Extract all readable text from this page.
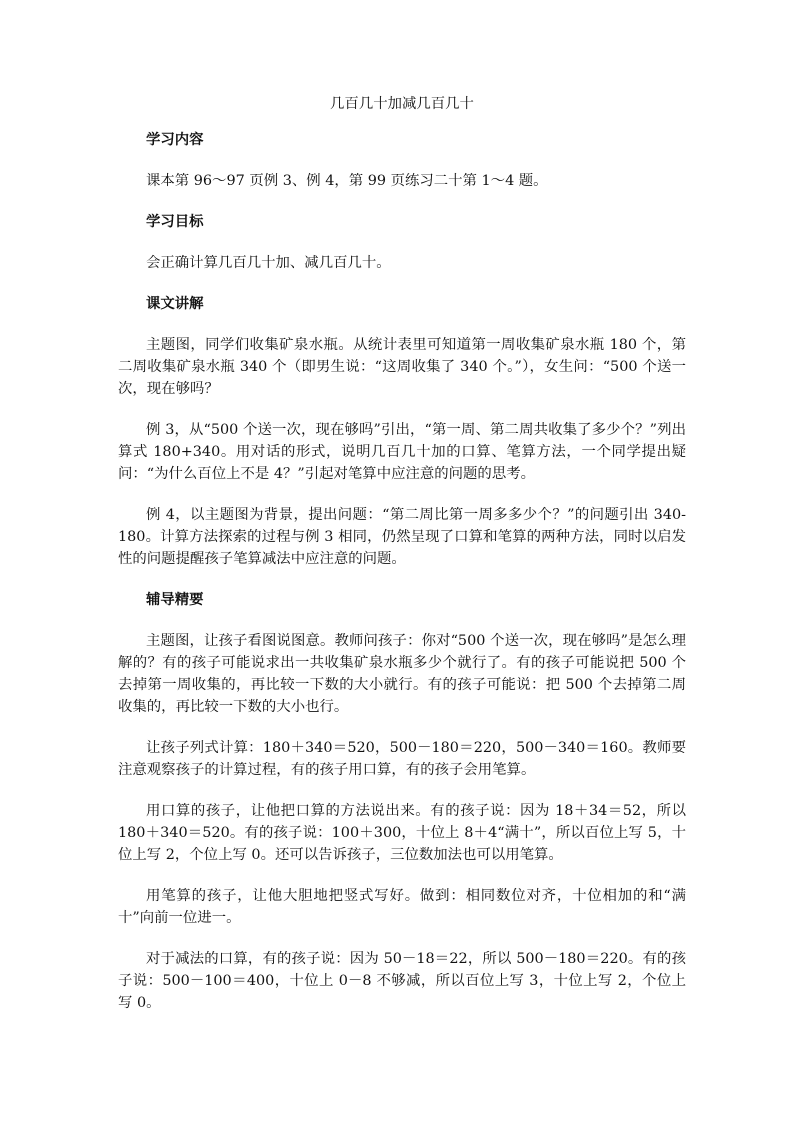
几百几十加减几百几十
学习内容
课本第 96～97 页例 3、例 4，第 99 页练习二十第 1～4 题。
学习目标
会正确计算几百几十加、减几百几十。
课文讲解
主题图，同学们收集矿泉水瓶。从统计表里可知道第一周收集矿泉水瓶 180 个，第二周收集矿泉水瓶 340 个（即男生说：“这周收集了 340 个。”），女生问：“500 个送一次，现在够吗？
例 3，从“500 个送一次，现在够吗”引出，“第一周、第二周共收集了多少个？”列出算式 180+340。用对话的形式，说明几百几十加的口算、笔算方法，一个同学提出疑问：“为什么百位上不是 4？”引起对笔算中应注意的问题的思考。
例 4，以主题图为背景，提出问题：“第二周比第一周多多少个？”的问题引出 340-180。计算方法探索的过程与例 3 相同，仍然呈现了口算和笔算的两种方法，同时以启发性的问题提醒孩子笔算减法中应注意的问题。
辅导精要
主题图，让孩子看图说图意。教师问孩子：你对“500 个送一次，现在够吗”是怎么理解的？有的孩子可能说求出一共收集矿泉水瓶多少个就行了。有的孩子可能说把 500 个去掉第一周收集的，再比较一下数的大小就行。有的孩子可能说：把 500 个去掉第二周收集的，再比较一下数的大小也行。
让孩子列式计算：180＋340＝520，500－180＝220，500－340＝160。教师要注意观察孩子的计算过程，有的孩子用口算，有的孩子会用笔算。
用口算的孩子，让他把口算的方法说出来。有的孩子说：因为 18＋34＝52，所以 180＋340＝520。有的孩子说：100＋300，十位上 8＋4“满十”，所以百位上写 5，十位上写 2，个位上写 0。还可以告诉孩子，三位数加法也可以用笔算。
用笔算的孩子，让他大胆地把竖式写好。做到：相同数位对齐，十位相加的和“满十”向前一位进一。
对于减法的口算，有的孩子说：因为 50－18＝22，所以 500－180＝220。有的孩子说：500－100＝400，十位上 0－8 不够减，所以百位上写 3，十位上写 2，个位上写 0。
